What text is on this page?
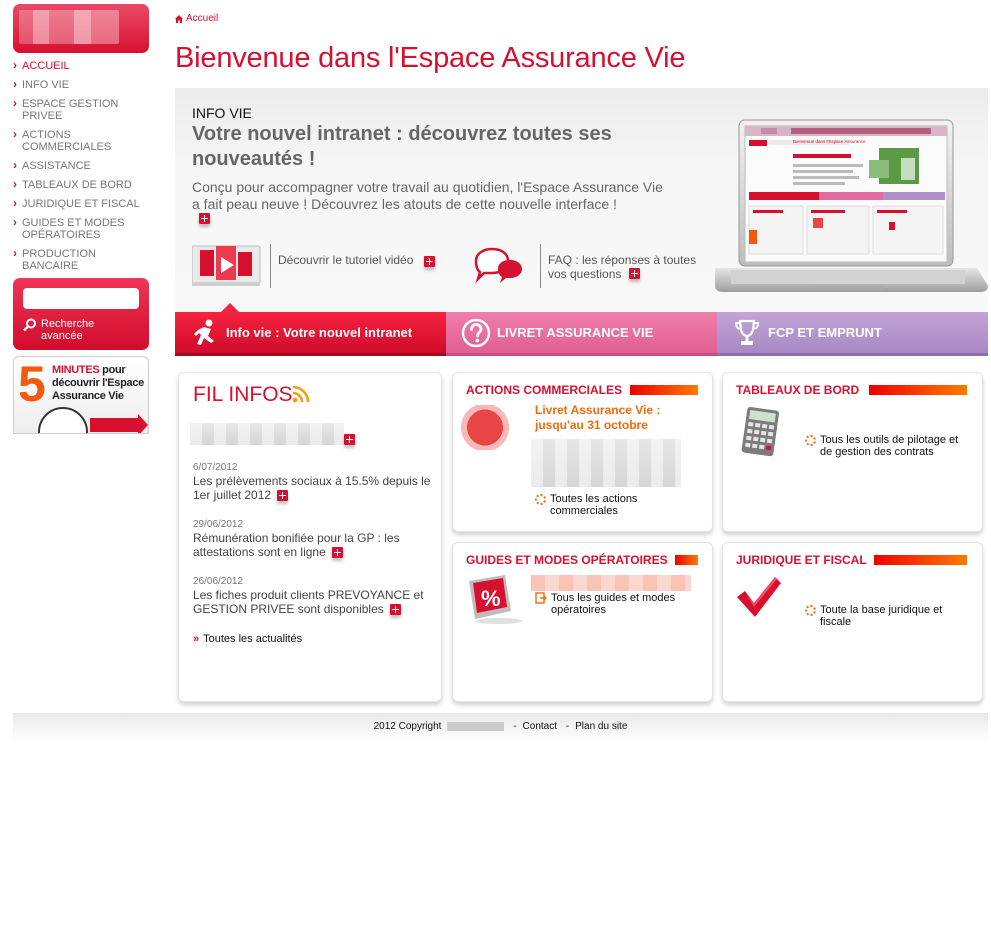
› ACCUEIL
› INFO VIE
› ESPACE GESTION PRIVEE
› ACTIONS COMMERCIALES
› ASSISTANCE
› TABLEAUX DE BORD
› JURIDIQUE ET FISCAL
› GUIDES ET MODES OPÉRATOIRES
› PRODUCTION BANCAIRE
Recherche avancée
5 MINUTES pour découvrir l'Espace Assurance Vie
Accueil
Bienvenue dans l'Espace Assurance Vie
INFO VIE
Votre nouvel intranet : découvrez toutes ses nouveautés !
Conçu pour accompagner votre travail au quotidien, l'Espace Assurance Vie a fait peau neuve ! Découvrez les atouts de cette nouvelle interface !
Découvrir le tutoriel vidéo	FAQ : les réponses à toutes vos questions
Bienvenue dans l'Espace Assurance
Info vie : Votre nouvel intranet	LIVRET ASSURANCE VIE	FCP ET EMPRUNT
FIL INFOS
6/07/2012
Les prélèvements sociaux à 15.5% depuis le 1er juillet 2012
29/06/2012
Rémunération bonifiée pour la GP : les attestations sont en ligne
26/06/2012
Les fiches produit clients PREVOYANCE et GESTION PRIVEE sont disponibles
» Toutes les actualités
ACTIONS COMMERCIALES
Livret Assurance Vie :
jusqu'au 31 octobre
Toutes les actions commerciales
TABLEAUX DE BORD
Tous les outils de pilotage et de gestion des contrats
GUIDES ET MODES OPÉRATOIRES
%	Tous les guides et modes opératoires
JURIDIQUE ET FISCAL
Toute la base juridique et fiscale
2012 Copyright	- Contact - Plan du site
